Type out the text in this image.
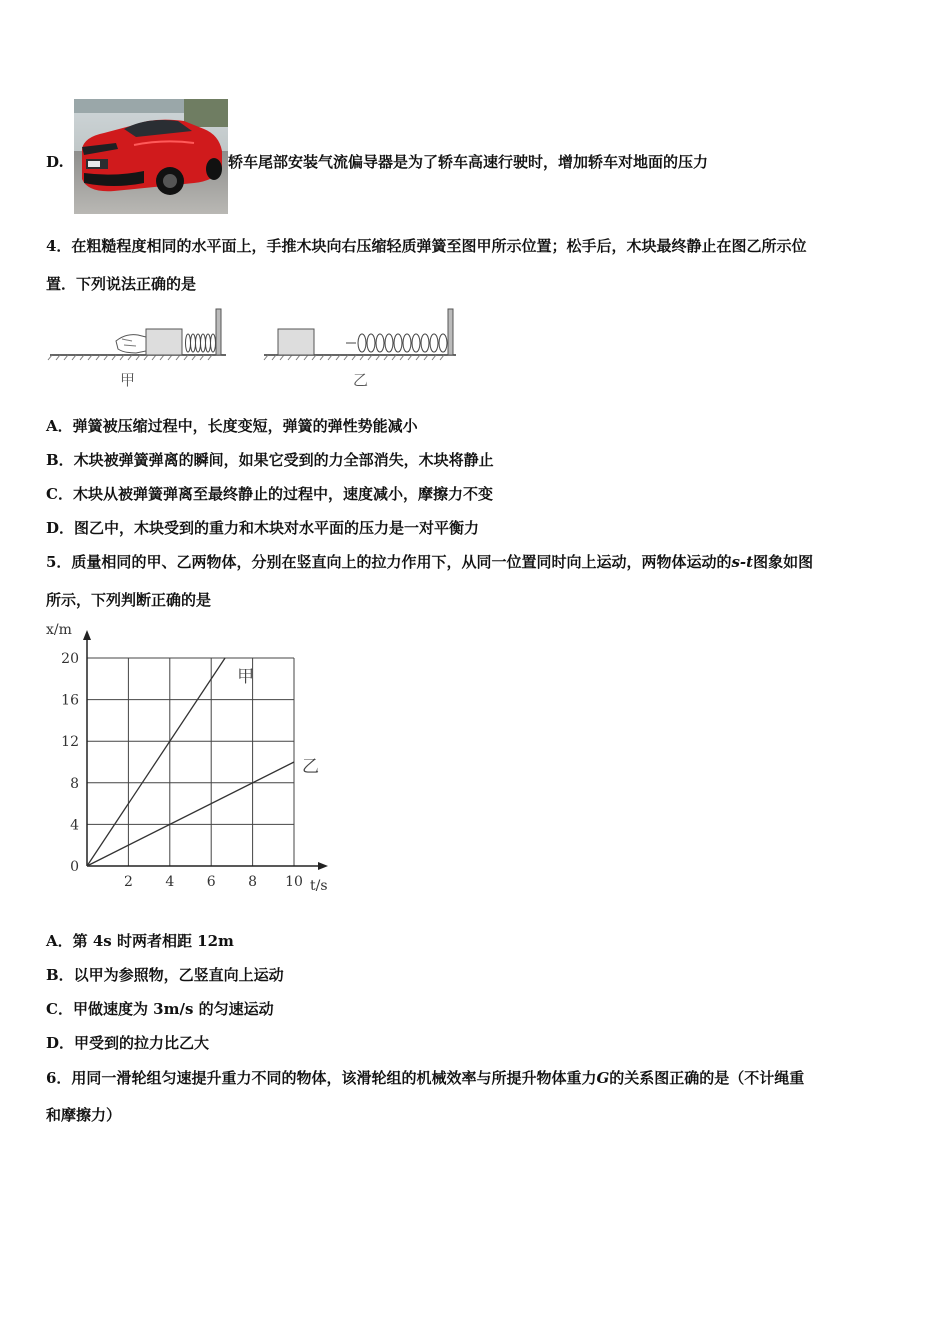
D.	轿车尾部安装气流偏导器是为了轿车高速行驶时，增加轿车对地面的压力
4．在粗糙程度相同的水平面上，手推木块向右压缩轻质弹簧至图甲所示位置；松手后，木块最终静止在图乙所示位
置．下列说法正确的是
甲	乙
A．弹簧被压缩过程中，长度变短，弹簧的弹性势能减小
B．木块被弹簧弹离的瞬间，如果它受到的力全部消失，木块将静止
C．木块从被弹簧弹离至最终静止的过程中，速度减小，摩擦力不变
D．图乙中，木块受到的重力和木块对水平面的压力是一对平衡力
5．质量相同的甲、乙两物体，分别在竖直向上的拉力作用下，从同一位置同时向上运动，两物体运动的s-t图象如图
所示，下列判断正确的是
2 4 6 8 10
0
4
8
12
16
20
t/s
x/m
甲
乙
A．第 4s 时两者相距 12m
B．以甲为参照物，乙竖直向上运动
C．甲做速度为 3m/s 的匀速运动
D．甲受到的拉力比乙大
6．用同一滑轮组匀速提升重力不同的物体，该滑轮组的机械效率与所提升物体重力G的关系图正确的是（不计绳重
和摩擦力）
